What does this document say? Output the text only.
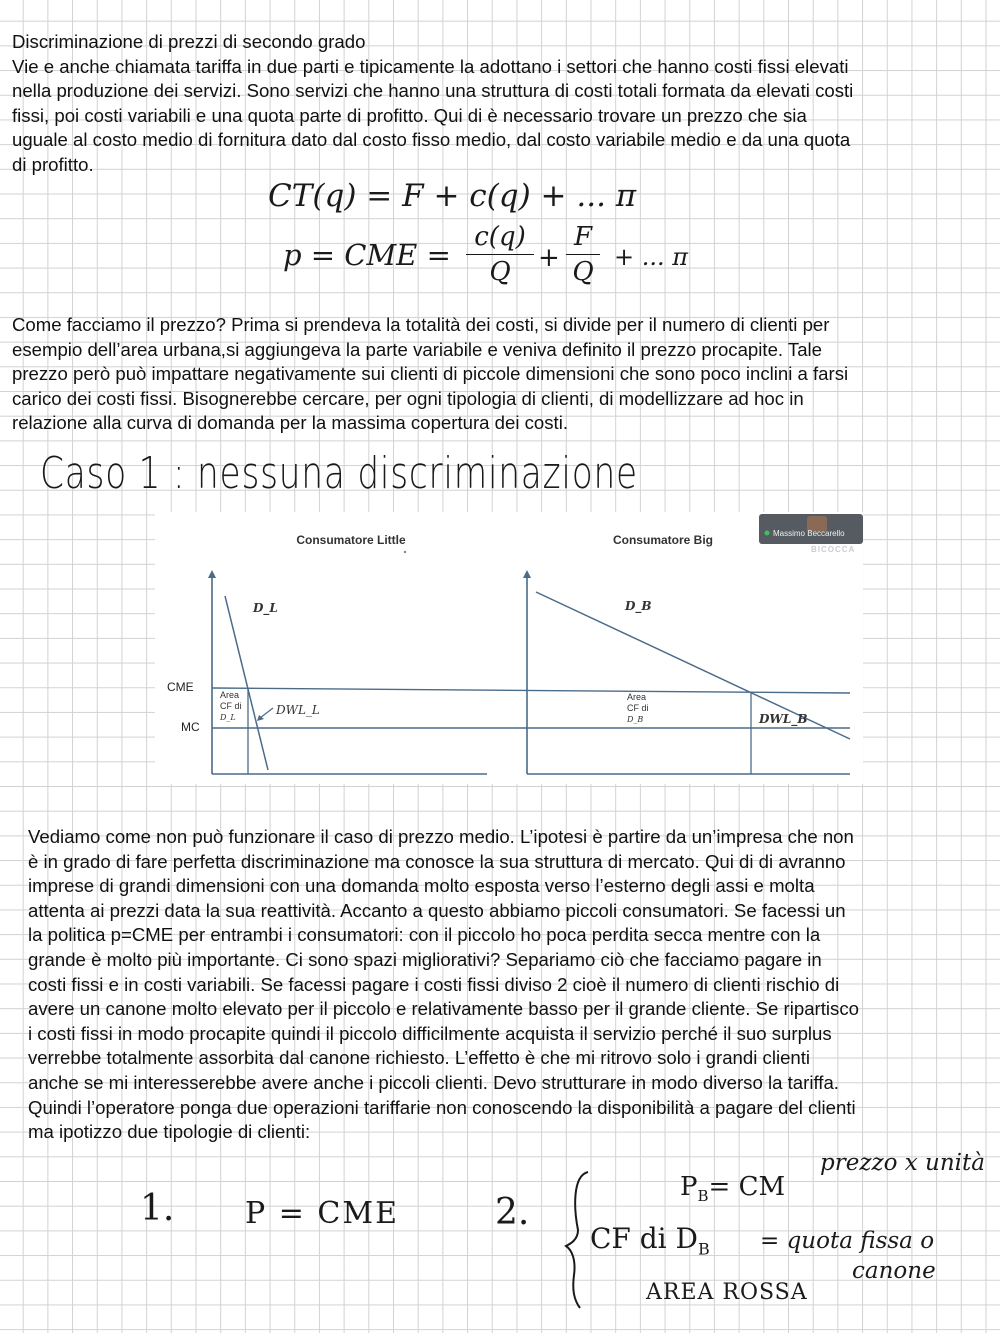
Discriminazione di prezzi di secondo grado
Vie e anche chiamata tariffa in due parti e tipicamente la adottano i settori che hanno costi fissi elevati
nella produzione dei servizi. Sono servizi che hanno una struttura di costi totali formata da elevati costi
fissi, poi costi variabili e una quota parte di profitto. Qui di è necessario trovare un prezzo che sia
uguale al costo medio di fornitura dato dal costo fisso medio, dal costo variabile medio e da una quota
di profitto.
CT(q) = F + c(q) + ... π
p = CME =
c(q)
Q	+
F
Q + ... π
Come facciamo il prezzo? Prima si prendeva la totalità dei costi, si divide per il numero di clienti per
esempio dell’area urbana,si aggiungeva la parte variabile e veniva definito il prezzo procapite. Tale
prezzo però può impattare negativamente sui clienti di piccole dimensioni che sono poco inclini a farsi
carico dei costi fissi. Bisognerebbe cercare, per ogni tipologia di clienti, di modellizzare ad hoc in
relazione alla curva di domanda per la massima copertura dei costi.
Caso 1 : nessuna discriminazione
Consumatore Little	Consumatore Big
CME
MC
D_L
Area
CF di
D_L
DWL_L
D_B
Area
CF di
D_B	DWL_B
Massimo Beccarello
BICOCCA
Vediamo come non può funzionare il caso di prezzo medio. L’ipotesi è partire da un’impresa che non
è in grado di fare perfetta discriminazione ma conosce la sua struttura di mercato. Qui di di avranno
imprese di grandi dimensioni con una domanda molto esposta verso l’esterno degli assi e molta
attenta ai prezzi data la sua reattività. Accanto a questo abbiamo piccoli consumatori. Se facessi un
la politica p=CME per entrambi i consumatori: con il piccolo ho poca perdita secca mentre con la
grande è molto più importante. Ci sono spazi migliorativi? Separiamo ciò che facciamo pagare in
costi fissi e in costi variabili. Se facessi pagare i costi fissi diviso 2 cioè il numero di clienti rischio di
avere un canone molto elevato per il piccolo e relativamente basso per il grande cliente. Se ripartisco
i costi fissi in modo procapite quindi il piccolo difficilmente acquista il servizio perché il suo surplus
verrebbe totalmente assorbita dal canone richiesto. L’effetto è che mi ritrovo solo i grandi clienti
anche se mi interesserebbe avere anche i piccoli clienti. Devo strutturare in modo diverso la tariffa.
Quindi l’operatore ponga due operazioni tariffarie non conoscendo la disponibilità a pagare del clienti
ma ipotizzo due tipologie di clienti:
1. P = CME	2.
$P_B=$ CM
prezzo x unità
CF di $D_B$ = quota fissa o
canone
AREA ROSSA
